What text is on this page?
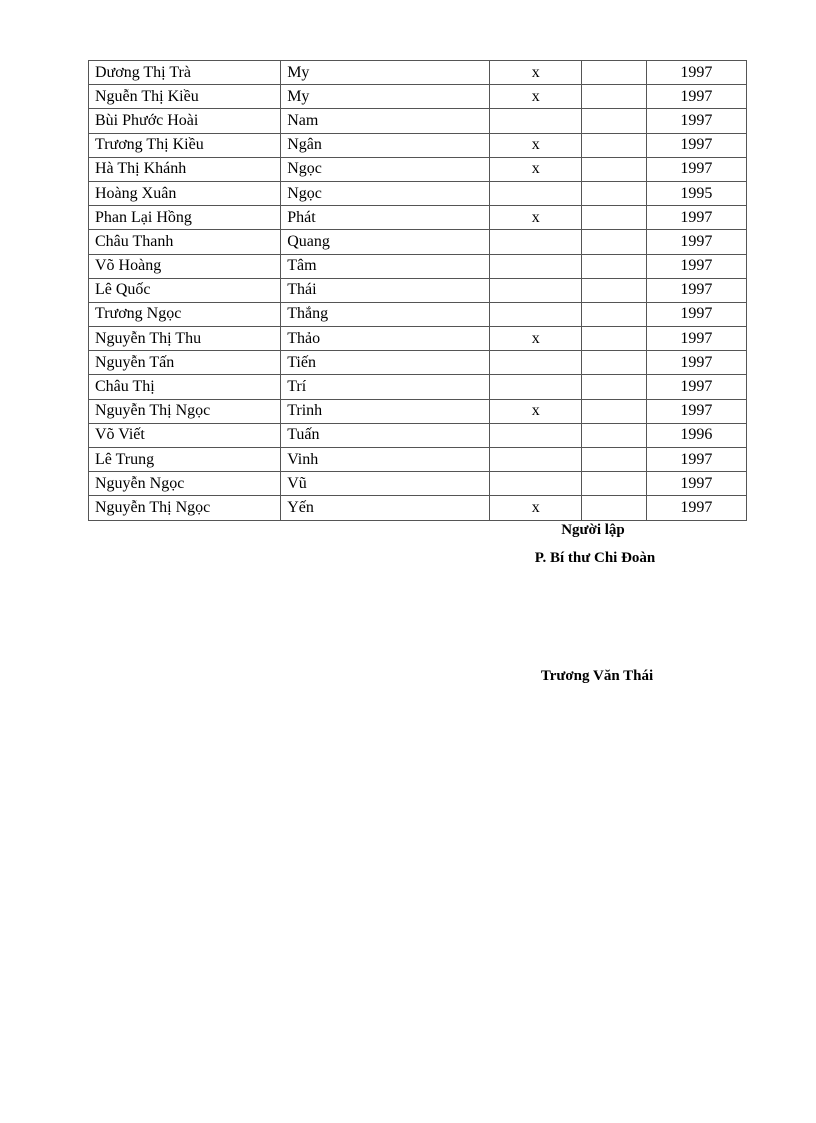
Dương Thị Trà	My	x		1997
Nguễn Thị Kiều	My	x		1997
Bùi Phước Hoài	Nam			1997
Trương Thị Kiều	Ngân	x		1997
Hà Thị Khánh	Ngọc	x		1997
Hoàng Xuân	Ngọc			1995
Phan Lại Hồng	Phát	x		1997
Châu Thanh	Quang			1997
Võ Hoàng	Tâm			1997
Lê Quốc	Thái			1997
Trương Ngọc	Thắng			1997
Nguyễn Thị Thu	Thảo	x		1997
Nguyễn Tấn	Tiến			1997
Châu Thị	Trí			1997
Nguyễn Thị Ngọc	Trinh	x		1997
Võ Viết	Tuấn			1996
Lê Trung	Vinh			1997
Nguyễn Ngọc	Vũ			1997
Nguyễn Thị Ngọc	Yến	x		1997
Người lập
P. Bí thư Chi Đoàn
Trương Văn Thái
